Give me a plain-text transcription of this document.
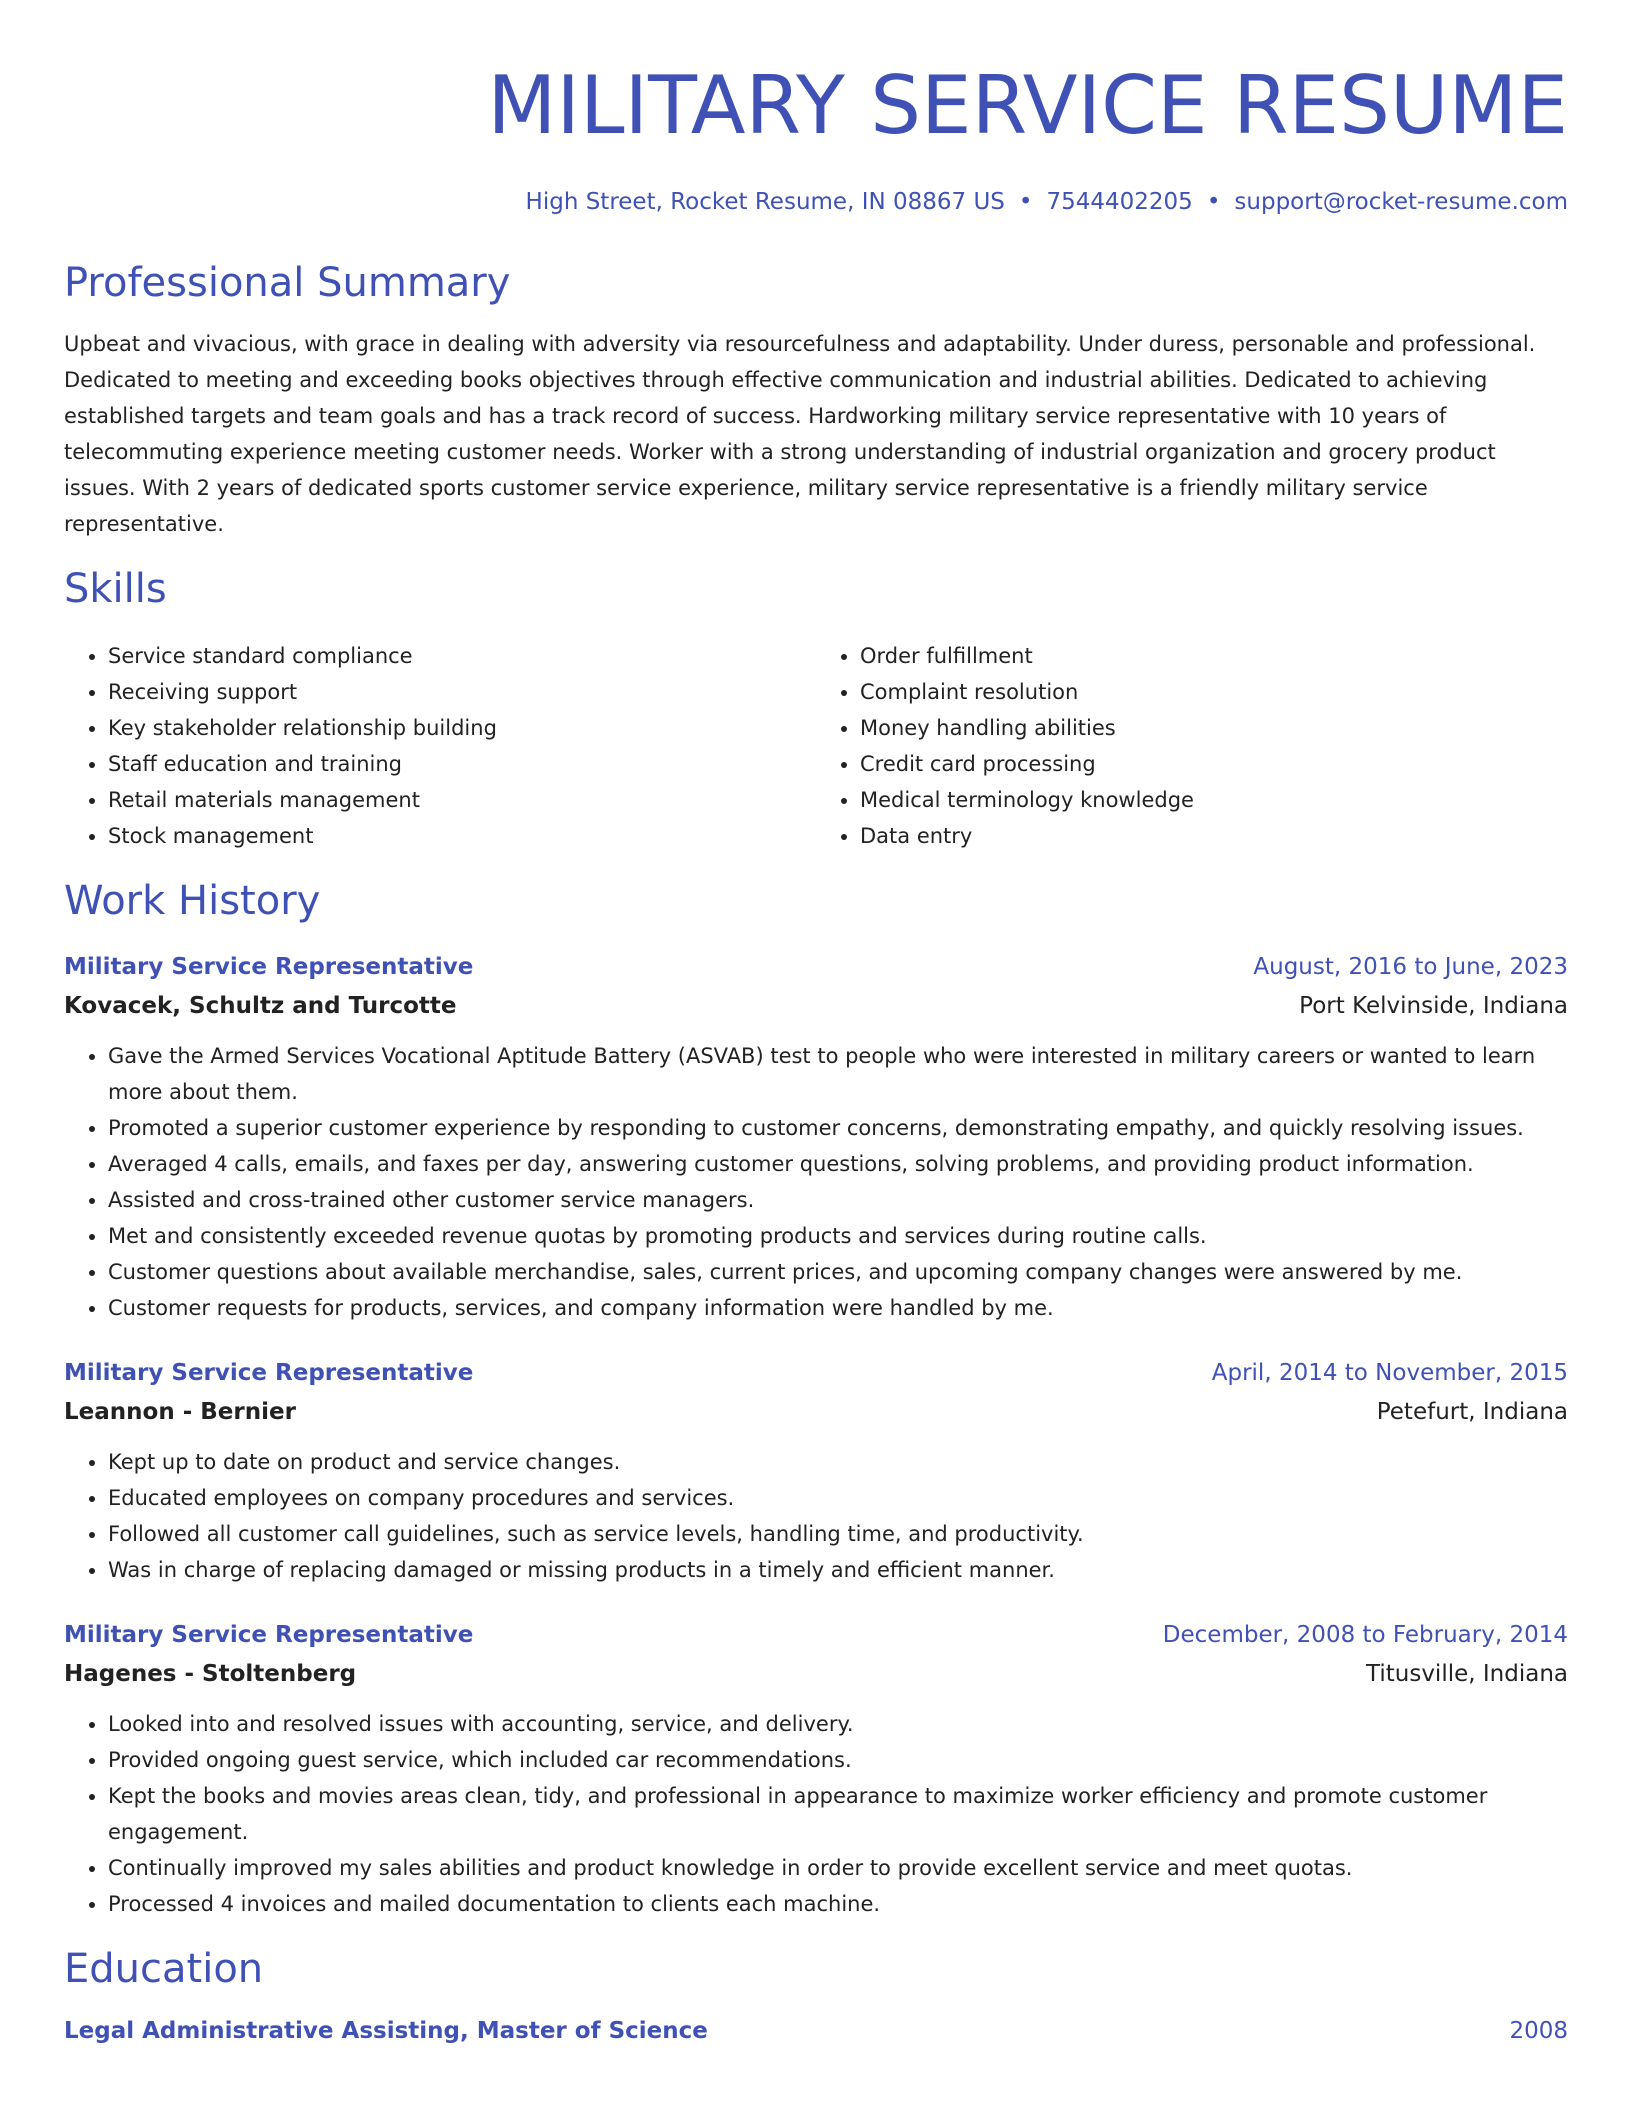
MILITARY SERVICE RESUME
High Street, Rocket Resume, IN 08867 US • 7544402205 • support@rocket-resume.com
Professional Summary
Upbeat and vivacious, with grace in dealing with adversity via resourcefulness and adaptability. Under duress, personable and professional. Dedicated to meeting and exceeding books objectives through effective communication and industrial abilities. Dedicated to achieving established targets and team goals and has a track record of success. Hardworking military service representative with 10 years of telecommuting experience meeting customer needs. Worker with a strong understanding of industrial organization and grocery product issues. With 2 years of dedicated sports customer service experience, military service representative is a friendly military service representative.
Skills
• Service standard compliance
• Receiving support
• Key stakeholder relationship building
• Staff education and training
• Retail materials management
• Stock management
• Order fulfillment
• Complaint resolution
• Money handling abilities
• Credit card processing
• Medical terminology knowledge
• Data entry
Work History
Military Service Representative	August, 2016 to June, 2023
Kovacek, Schultz and Turcotte	Port Kelvinside, Indiana
• Gave the Armed Services Vocational Aptitude Battery (ASVAB) test to people who were interested in military careers or wanted to learn more about them.
• Promoted a superior customer experience by responding to customer concerns, demonstrating empathy, and quickly resolving issues.
• Averaged 4 calls, emails, and faxes per day, answering customer questions, solving problems, and providing product information.
• Assisted and cross-trained other customer service managers.
• Met and consistently exceeded revenue quotas by promoting products and services during routine calls.
• Customer questions about available merchandise, sales, current prices, and upcoming company changes were answered by me.
• Customer requests for products, services, and company information were handled by me.
Military Service Representative	April, 2014 to November, 2015
Leannon - Bernier	Petefurt, Indiana
• Kept up to date on product and service changes.
• Educated employees on company procedures and services.
• Followed all customer call guidelines, such as service levels, handling time, and productivity.
• Was in charge of replacing damaged or missing products in a timely and efficient manner.
Military Service Representative	December, 2008 to February, 2014
Hagenes - Stoltenberg	Titusville, Indiana
• Looked into and resolved issues with accounting, service, and delivery.
• Provided ongoing guest service, which included car recommendations.
• Kept the books and movies areas clean, tidy, and professional in appearance to maximize worker efficiency and promote customer engagement.
• Continually improved my sales abilities and product knowledge in order to provide excellent service and meet quotas.
• Processed 4 invoices and mailed documentation to clients each machine.
Education
Legal Administrative Assisting, Master of Science	2008
